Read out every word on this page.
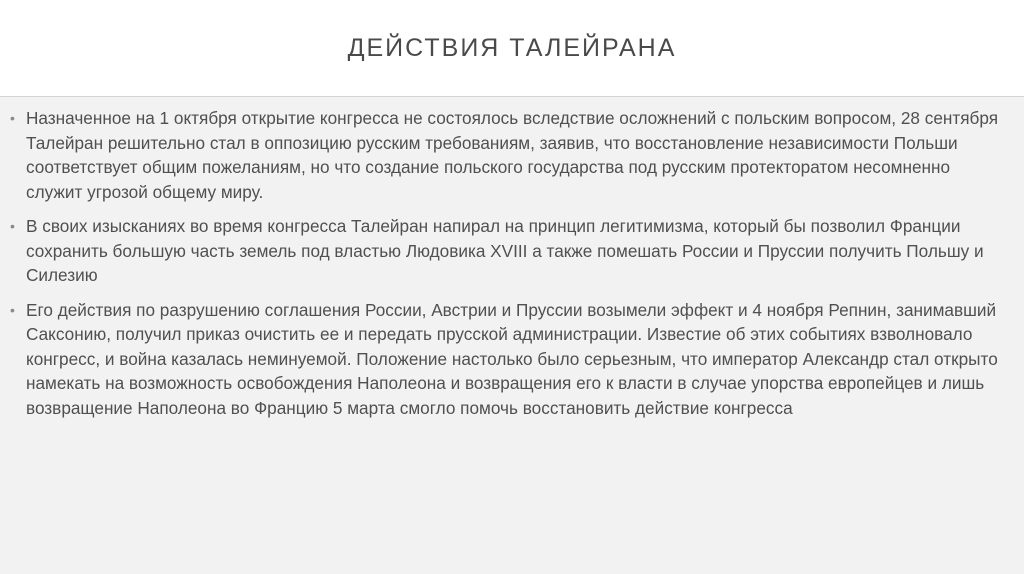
ДЕЙСТВИЯ ТАЛЕЙРАНА
• Назначенное на 1 октября открытие конгресса не состоялось вследствие осложнений с польским вопросом, 28 сентября Талейран решительно стал в оппозицию русским требованиям, заявив, что восстановление независимости Польши соответствует общим пожеланиям, но что создание польского государства под русским протекторатом несомненно служит угрозой общему миру.
• В своих изысканиях во время конгресса Талейран напирал на принцип легитимизма, который бы позволил Франции сохранить большую часть земель под властью Людовика XVIII а также помешать России и Пруссии получить Польшу и Силезию
• Его действия по разрушению соглашения России, Австрии и Пруссии возымели эффект и 4 ноября Репнин, занимавший Саксонию, получил приказ очистить ее и передать прусской администрации. Известие об этих событиях взволновало конгресс, и война казалась неминуемой. Положение настолько было серьезным, что император Александр стал открыто намекать на возможность освобождения Наполеона и возвращения его к власти в случае упорства европейцев и лишь возвращение Наполеона во Францию 5 марта смогло помочь восстановить действие конгресса
